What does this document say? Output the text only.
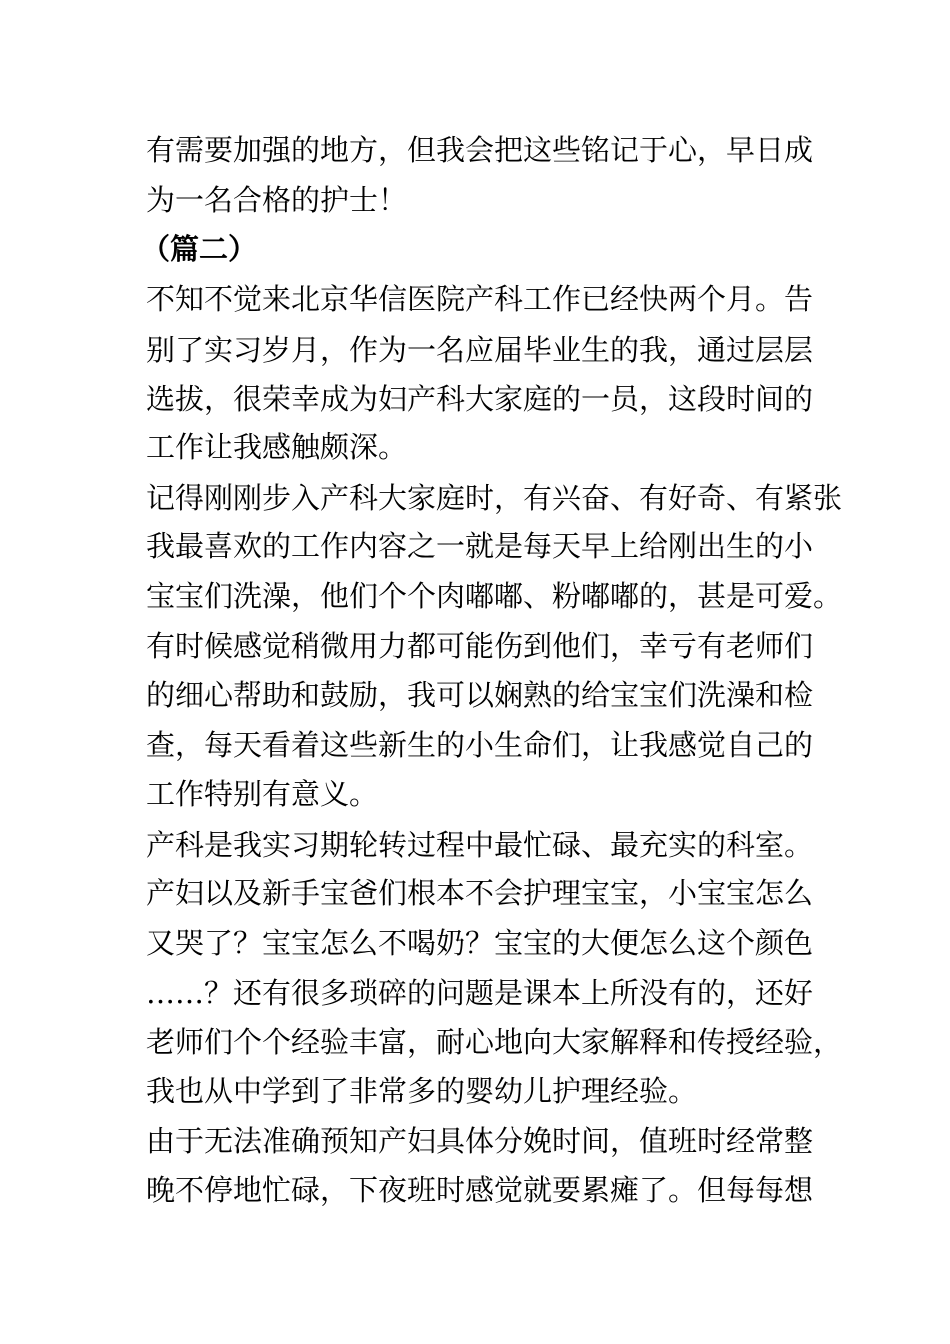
有需要加强的地方，但我会把这些铭记于心，早日成
为一名合格的护士！
（篇二）
不知不觉来北京华信医院产科工作已经快两个月。告
别了实习岁月，作为一名应届毕业生的我，通过层层
选拔，很荣幸成为妇产科大家庭的一员，这段时间的
工作让我感触颇深。
记得刚刚步入产科大家庭时，有兴奋、有好奇、有紧张
我最喜欢的工作内容之一就是每天早上给刚出生的小
宝宝们洗澡，他们个个肉嘟嘟、粉嘟嘟的，甚是可爱。
有时候感觉稍微用力都可能伤到他们，幸亏有老师们
的细心帮助和鼓励，我可以娴熟的给宝宝们洗澡和检
查，每天看着这些新生的小生命们，让我感觉自己的
工作特别有意义。
产科是我实习期轮转过程中最忙碌、最充实的科室。
产妇以及新手宝爸们根本不会护理宝宝，小宝宝怎么
又哭了？宝宝怎么不喝奶？宝宝的大便怎么这个颜色
……？还有很多琐碎的问题是课本上所没有的，还好
老师们个个经验丰富，耐心地向大家解释和传授经验，
我也从中学到了非常多的婴幼儿护理经验。
由于无法准确预知产妇具体分娩时间，值班时经常整
晚不停地忙碌，下夜班时感觉就要累瘫了。但每每想
